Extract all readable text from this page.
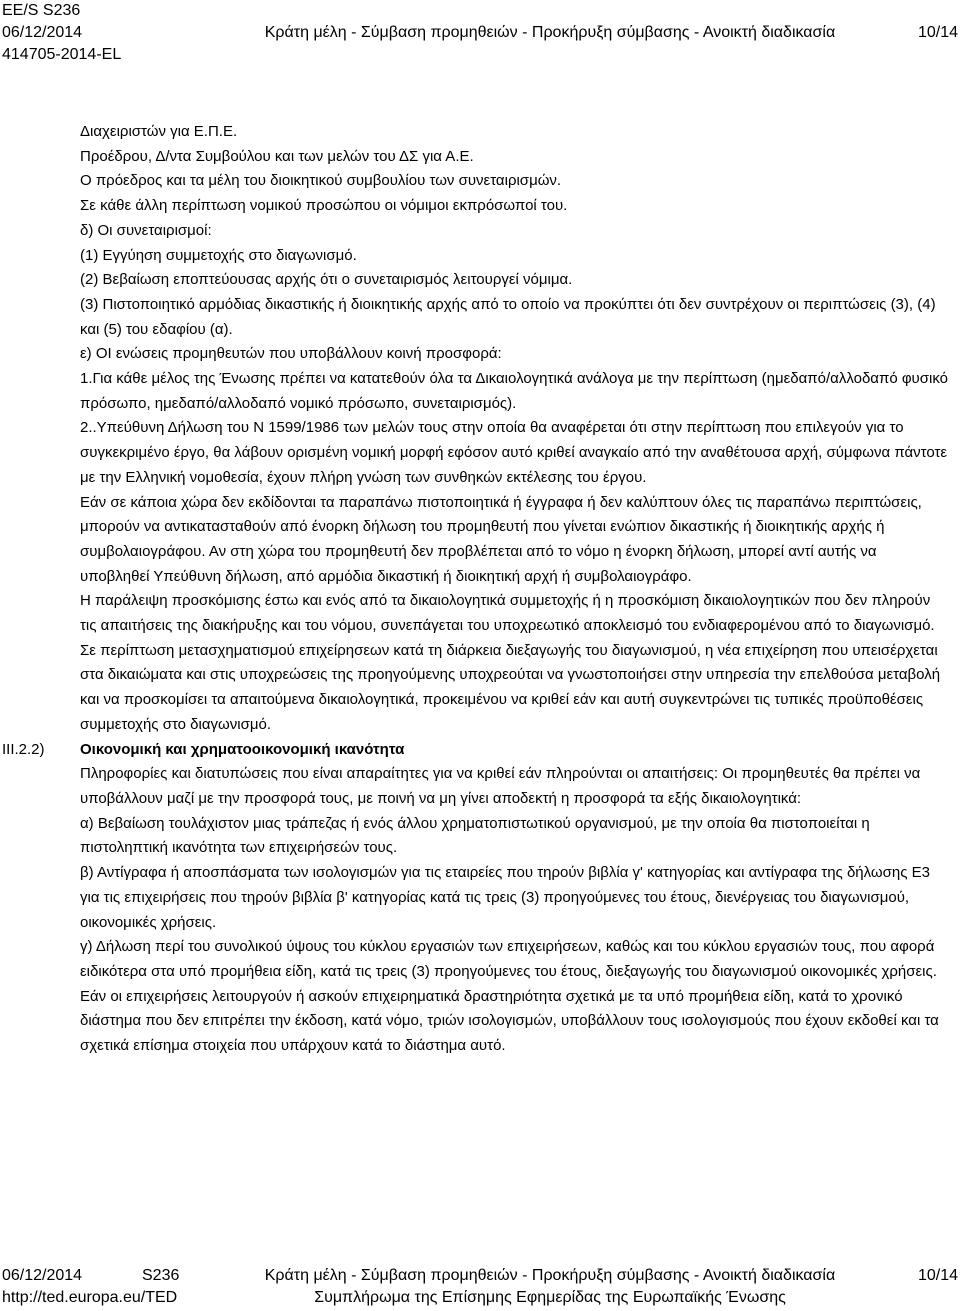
EE/S S236
06/12/2014	Κράτη μέλη - Σύμβαση προμηθειών - Προκήρυξη σύμβασης - Ανοικτή διαδικασία	10/14
414705-2014-EL

Διαχειριστών για Ε.Π.Ε.

Προέδρου, Δ/ντα Συμβούλου και των μελών του ΔΣ για Α.Ε.

Ο πρόεδρος και τα μέλη του διοικητικού συμβουλίου των συνεταιρισμών.

Σε κάθε άλλη περίπτωση νομικού προσώπου οι νόμιμοι εκπρόσωποί του.

δ) Οι συνεταιρισμοί:

(1) Εγγύηση συμμετοχής στο διαγωνισμό.

(2) Βεβαίωση εποπτεύουσας αρχής ότι ο συνεταιρισμός λειτουργεί νόμιμα.

(3) Πιστοποιητικό αρμόδιας δικαστικής ή διοικητικής αρχής από το οποίο να προκύπτει ότι δεν συντρέχουν οι περιπτώσεις (3), (4) και (5) του εδαφίου (α).

ε) ΟΙ ενώσεις προμηθευτών που υποβάλλουν κοινή προσφορά:

1.Για κάθε μέλος της Ένωσης πρέπει να κατατεθούν όλα τα Δικαιολογητικά ανάλογα με την περίπτωση (ημεδαπό/αλλοδαπό φυσικό πρόσωπο, ημεδαπό/αλλοδαπό νομικό πρόσωπο, συνεταιρισμός).

2..Υπεύθυνη Δήλωση του Ν 1599/1986 των μελών τους στην οποία θα αναφέρεται ότι στην περίπτωση που επιλεγούν για το συγκεκριμένο έργο, θα λάβουν ορισμένη νομική μορφή εφόσον αυτό κριθεί αναγκαίο από την αναθέτουσα αρχή, σύμφωνα πάντοτε με την Ελληνική νομοθεσία, έχουν πλήρη γνώση των συνθηκών εκτέλεσης του έργου.

Εάν σε κάποια χώρα δεν εκδίδονται τα παραπάνω πιστοποιητικά ή έγγραφα ή δεν καλύπτουν όλες τις παραπάνω περιπτώσεις, μπορούν να αντικατασταθούν από ένορκη δήλωση του προμηθευτή που γίνεται ενώπιον δικαστικής ή διοικητικής αρχής ή συμβολαιογράφου. Αν στη χώρα του προμηθευτή δεν προβλέπεται από το νόμο η ένορκη δήλωση, μπορεί αντί αυτής να υποβληθεί Υπεύθυνη δήλωση, από αρμόδια δικαστική ή διοικητική αρχή ή συμβολαιογράφο.

Η παράλειψη προσκόμισης έστω και ενός από τα δικαιολογητικά συμμετοχής ή η προσκόμιση δικαιολογητικών που δεν πληρούν τις απαιτήσεις της διακήρυξης και του νόμου, συνεπάγεται του υποχρεωτικό αποκλεισμό του ενδιαφερομένου από το διαγωνισμό.

Σε περίπτωση μετασχηματισμού επιχείρησεων κατά τη διάρκεια διεξαγωγής του διαγωνισμού, η νέα επιχείρηση που υπεισέρχεται στα δικαιώματα και στις υποχρεώσεις της προηγούμενης υποχρεούται να γνωστοποιήσει στην υπηρεσία την επελθούσα μεταβολή και να προσκομίσει τα απαιτούμενα δικαιολογητικά, προκειμένου να κριθεί εάν και αυτή συγκεντρώνει τις τυπικές προϋποθέσεις συμμετοχής στο διαγωνισμό.

Οικονομική και χρηματοοικονομική ικανότητα

Πληροφορίες και διατυπώσεις που είναι απαραίτητες για να κριθεί εάν πληρούνται οι απαιτήσεις: Οι προμηθευτές θα πρέπει να υποβάλλουν μαζί με την προσφορά τους, με ποινή να μη γίνει αποδεκτή η προσφορά τα εξής δικαιολογητικά:

α) Βεβαίωση τουλάχιστον μιας τράπεζας ή ενός άλλου χρηματοπιστωτικού οργανισμού, με την οποία θα πιστοποιείται η πιστοληπτική ικανότητα των επιχειρήσεών τους.

β) Αντίγραφα ή αποσπάσματα των ισολογισμών για τις εταιρείες που τηρούν βιβλία γ' κατηγορίας και αντίγραφα της δήλωσης Ε3 για τις επιχειρήσεις που τηρούν βιβλία β' κατηγορίας κατά τις τρεις (3) προηγούμενες του έτους, διενέργειας του διαγωνισμού, οικονομικές χρήσεις.

γ) Δήλωση περί του συνολικού ύψους του κύκλου εργασιών των επιχειρήσεων, καθώς και του κύκλου εργασιών τους, που αφορά ειδικότερα στα υπό προμήθεια είδη, κατά τις τρεις (3) προηγούμενες του έτους, διεξαγωγής του διαγωνισμού οικονομικές χρήσεις.

Εάν οι επιχειρήσεις λειτουργούν ή ασκούν επιχειρηματικά δραστηριότητα σχετικά με τα υπό προμήθεια είδη, κατά το χρονικό διάστημα που δεν επιτρέπει την έκδοση, κατά νόμο, τριών ισολογισμών, υποβάλλουν τους ισολογισμούς που έχουν εκδοθεί και τα σχετικά επίσημα στοιχεία που υπάρχουν κατά το διάστημα αυτό.

III.2.2)
06/12/2014	S236	Κράτη μέλη - Σύμβαση προμηθειών - Προκήρυξη σύμβασης - Ανοικτή διαδικασία	10/14
http://ted.europa.eu/TED	Συμπλήρωμα της Επίσημης Εφημερίδας της Ευρωπαϊκής Ένωσης
